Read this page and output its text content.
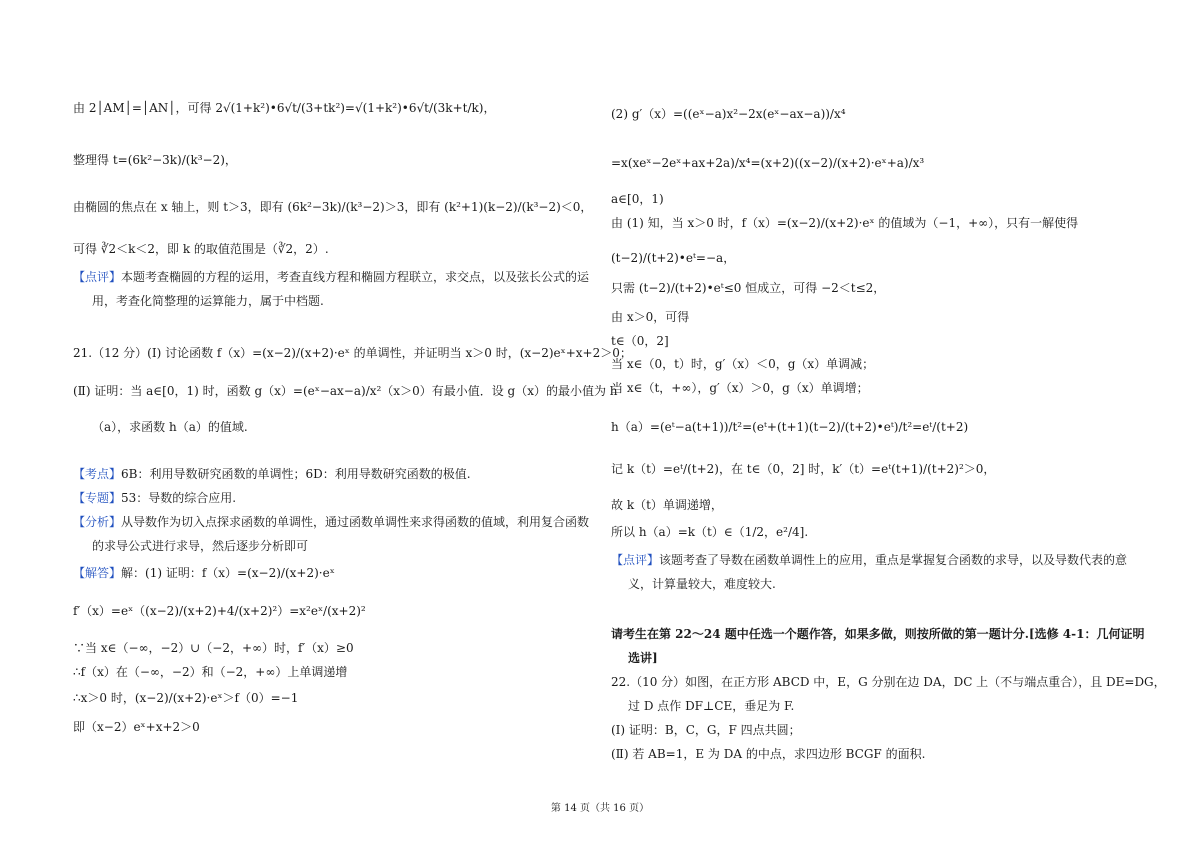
由 2│AM│=│AN│，可得 2√(1+k²)•6√t/(3+tk²)=√(1+k²)•6√t/(3k+t/k)，
整理得 t=(6k²−3k)/(k³−2)，
由椭圆的焦点在 x 轴上，则 t＞3，即有 (6k²−3k)/(k³−2)＞3，即有 (k²+1)(k−2)/(k³−2)＜0，
可得 ∛2＜k＜2，即 k 的取值范围是（∛2，2）.
【点评】本题考查椭圆的方程的运用，考查直线方程和椭圆方程联立，求交点，以及弦长公式的运
用，考查化简整理的运算能力，属于中档题.
21.（12 分）(Ⅰ) 讨论函数 f（x）=(x−2)/(x+2)·eˣ 的单调性，并证明当 x＞0 时，(x−2)eˣ+x+2＞0；
(Ⅱ) 证明：当 a∈[0，1) 时，函数 g（x）=(eˣ−ax−a)/x²（x＞0）有最小值．设 g（x）的最小值为 h
（a），求函数 h（a）的值域.
【考点】6B：利用导数研究函数的单调性；6D：利用导数研究函数的极值.
【专题】53：导数的综合应用.
【分析】从导数作为切入点探求函数的单调性，通过函数单调性来求得函数的值域，利用复合函数
的求导公式进行求导，然后逐步分析即可
【解答】解：(1) 证明：f（x）=(x−2)/(x+2)·eˣ
f′（x）=eˣ（(x−2)/(x+2)+4/(x+2)²）=x²eˣ/(x+2)²
∵当 x∈（−∞，−2）∪（−2，+∞）时，f′（x）≥0
∴f（x）在（−∞，−2）和（−2，+∞）上单调递增
∴x＞0 时，(x−2)/(x+2)·eˣ＞f（0）=−1
即（x−2）eˣ+x+2＞0
(2) g′（x）=((eˣ−a)x²−2x(eˣ−ax−a))/x⁴
=x(xeˣ−2eˣ+ax+2a)/x⁴=(x+2)((x−2)/(x+2)·eˣ+a)/x³
a∈[0，1)
由 (1) 知，当 x＞0 时，f（x）=(x−2)/(x+2)·eˣ 的值域为（−1，+∞），只有一解使得
(t−2)/(t+2)•eᵗ=−a，
只需 (t−2)/(t+2)•eᵗ≤0 恒成立，可得 −2＜t≤2，
由 x＞0，可得
t∈（0，2]
当 x∈（0，t）时，g′（x）＜0，g（x）单调减；
当 x∈（t，+∞），g′（x）＞0，g（x）单调增；
h（a）=(eᵗ−a(t+1))/t²=(eᵗ+(t+1)(t−2)/(t+2)•eᵗ)/t²=eᵗ/(t+2)
记 k（t）=eᵗ/(t+2)，在 t∈（0，2] 时，k′（t）=eᵗ(t+1)/(t+2)²＞0，
故 k（t）单调递增，
所以 h（a）=k（t）∈（1/2，e²/4].
【点评】该题考查了导数在函数单调性上的应用，重点是掌握复合函数的求导，以及导数代表的意
义，计算量较大，难度较大.
请考生在第 22～24 题中任选一个题作答，如果多做，则按所做的第一题计分.[选修 4-1：几何证明
选讲]
22.（10 分）如图，在正方形 ABCD 中，E，G 分别在边 DA，DC 上（不与端点重合），且 DE=DG，
过 D 点作 DF⊥CE，垂足为 F.
(Ⅰ) 证明：B，C，G，F 四点共圆；
(Ⅱ) 若 AB=1，E 为 DA 的中点，求四边形 BCGF 的面积.
第 14 页（共 16 页）
